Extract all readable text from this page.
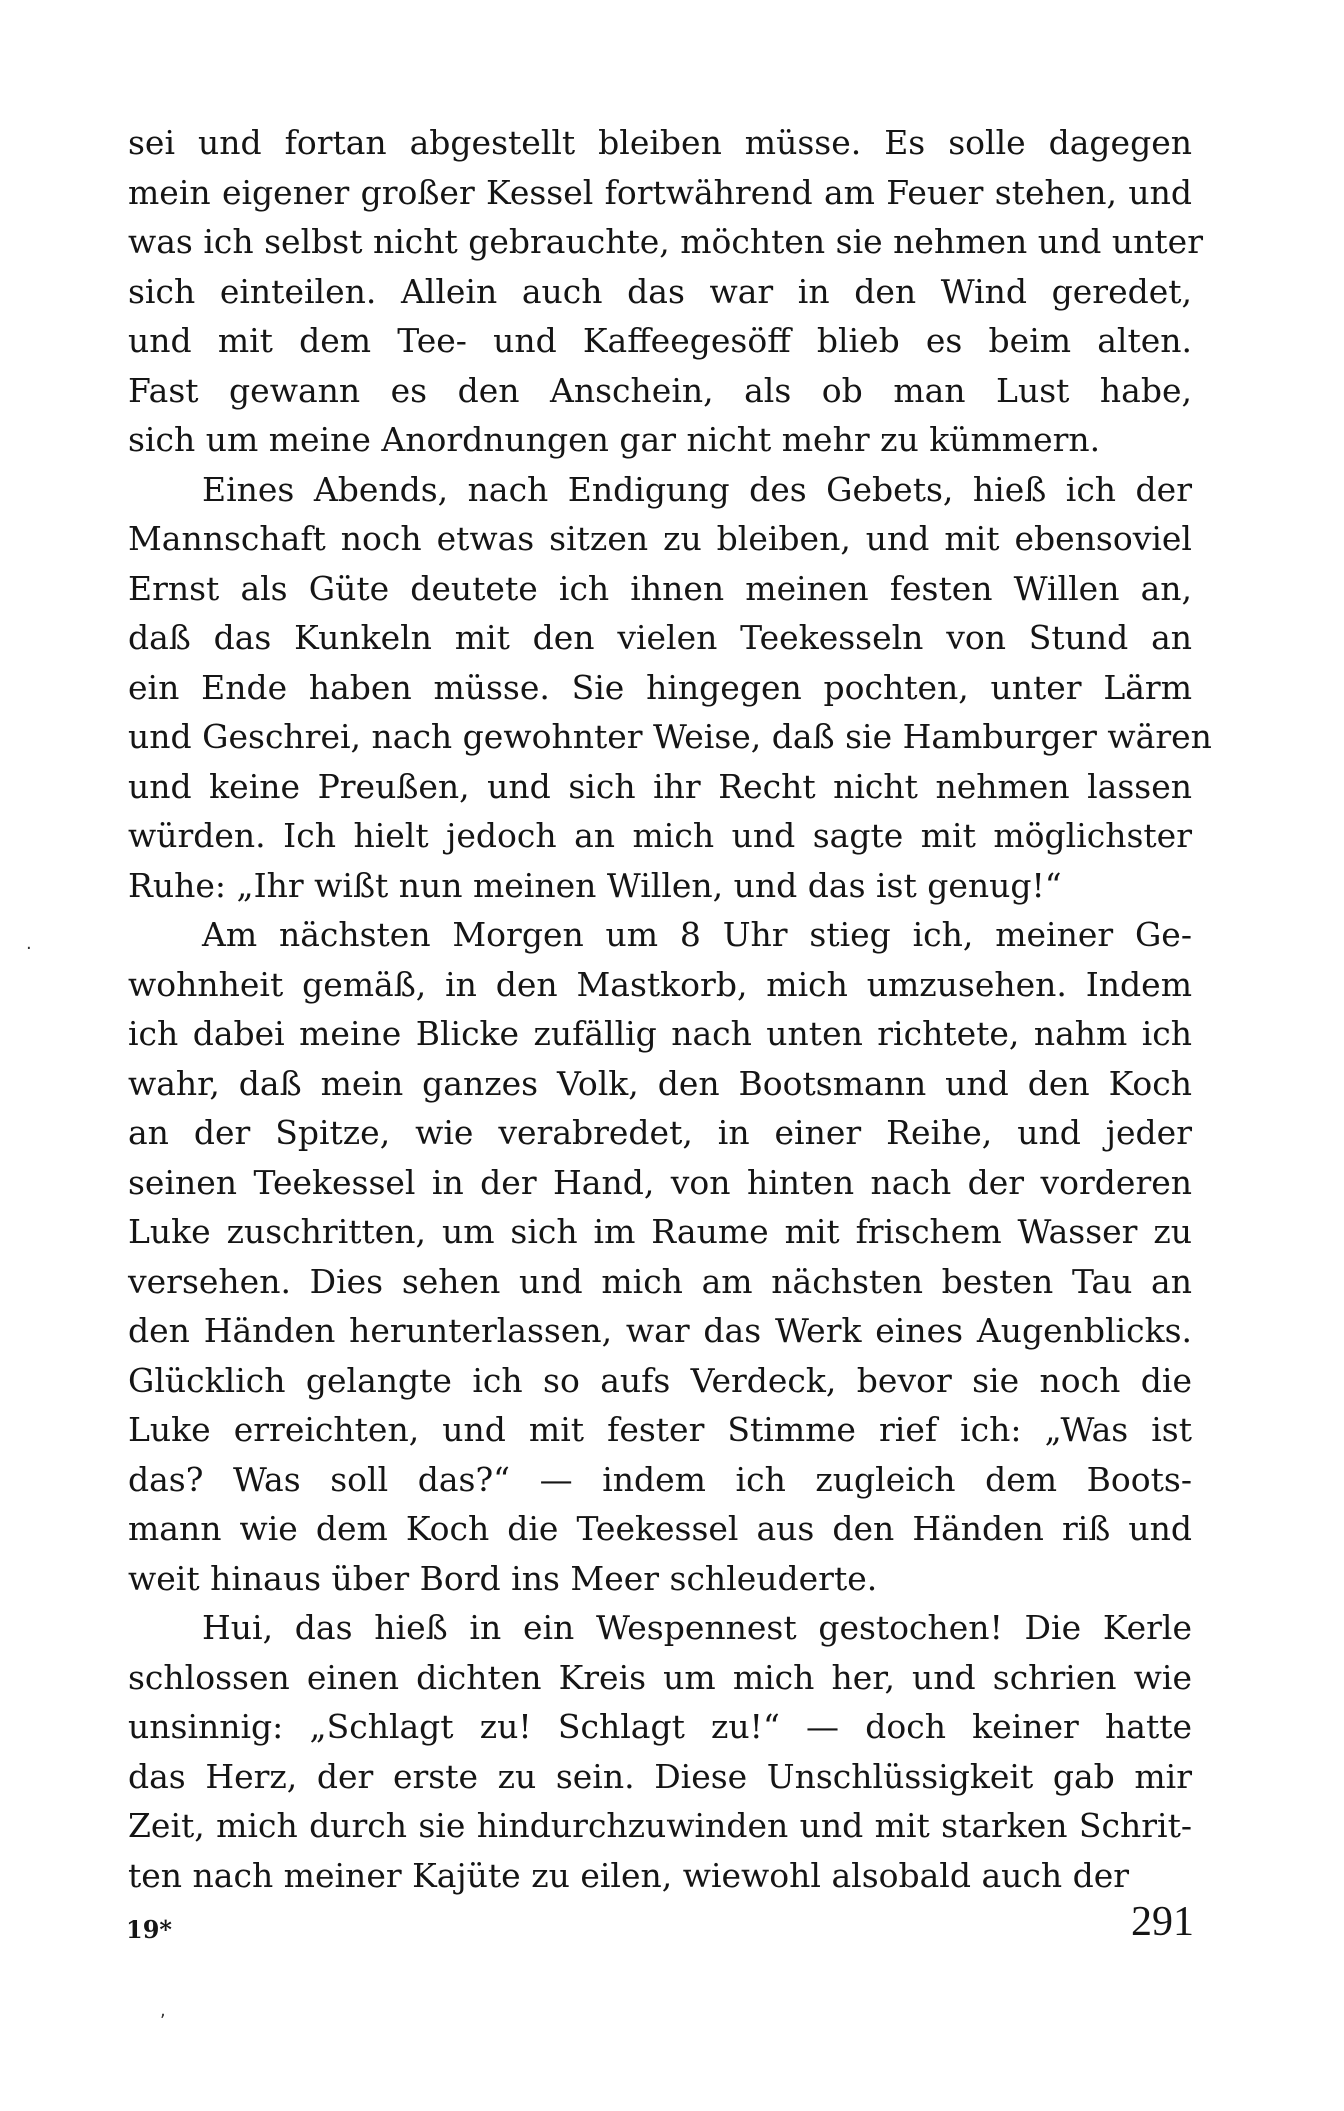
sei und fortan abgestellt bleiben müsse. Es solle dagegen
mein eigener großer Kessel fortwährend am Feuer stehen, und
was ich selbst nicht gebrauchte, möchten sie nehmen und unter
sich einteilen. Allein auch das war in den Wind geredet,
und mit dem Tee- und Kaffeegesöff blieb es beim alten.
Fast gewann es den Anschein, als ob man Lust habe,
sich um meine Anordnungen gar nicht mehr zu kümmern.
Eines Abends, nach Endigung des Gebets, hieß ich der
Mannschaft noch etwas sitzen zu bleiben, und mit ebensoviel
Ernst als Güte deutete ich ihnen meinen festen Willen an,
daß das Kunkeln mit den vielen Teekesseln von Stund an
ein Ende haben müsse. Sie hingegen pochten, unter Lärm
und Geschrei, nach gewohnter Weise, daß sie Hamburger wären
und keine Preußen, und sich ihr Recht nicht nehmen lassen
würden. Ich hielt jedoch an mich und sagte mit möglichster
Ruhe: „Ihr wißt nun meinen Willen, und das ist genug!“
Am nächsten Morgen um 8 Uhr stieg ich, meiner Ge-
wohnheit gemäß, in den Mastkorb, mich umzusehen. Indem
ich dabei meine Blicke zufällig nach unten richtete, nahm ich
wahr, daß mein ganzes Volk, den Bootsmann und den Koch
an der Spitze, wie verabredet, in einer Reihe, und jeder
seinen Teekessel in der Hand, von hinten nach der vorderen
Luke zuschritten, um sich im Raume mit frischem Wasser zu
versehen. Dies sehen und mich am nächsten besten Tau an
den Händen herunterlassen, war das Werk eines Augenblicks.
Glücklich gelangte ich so aufs Verdeck, bevor sie noch die
Luke erreichten, und mit fester Stimme rief ich: „Was ist
das? Was soll das?“ — indem ich zugleich dem Boots-
mann wie dem Koch die Teekessel aus den Händen riß und
weit hinaus über Bord ins Meer schleuderte.
Hui, das hieß in ein Wespennest gestochen! Die Kerle
schlossen einen dichten Kreis um mich her, und schrien wie
unsinnig: „Schlagt zu! Schlagt zu!“ — doch keiner hatte
das Herz, der erste zu sein. Diese Unschlüssigkeit gab mir
Zeit, mich durch sie hindurchzuwinden und mit starken Schrit-
ten nach meiner Kajüte zu eilen, wiewohl alsobald auch der
19*	291
·
,
